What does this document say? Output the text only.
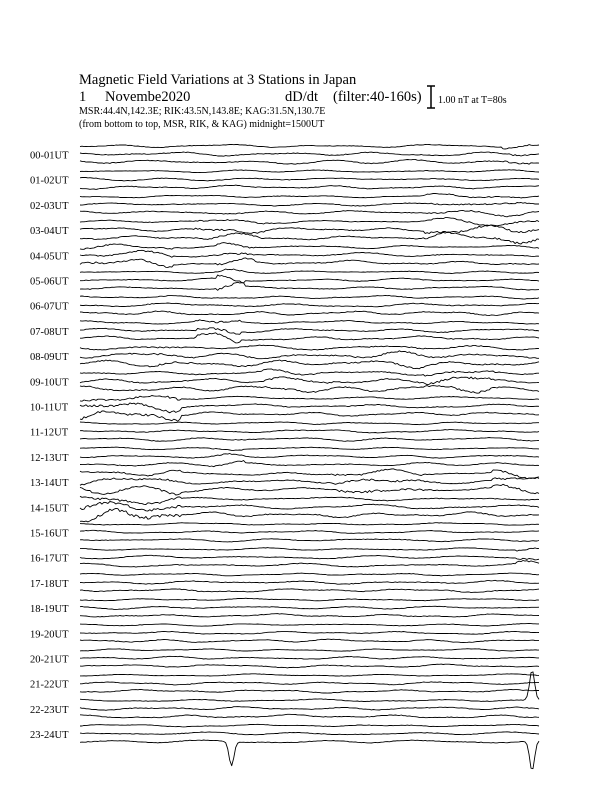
Magnetic Field Variations at 3 Stations in Japan
1 Novembe2020	dD/dt (filter:40-160s)
MSR:44.4N,142.3E; RIK:43.5N,143.8E; KAG:31.5N,130.7E
(from bottom to top, MSR, RIK, & KAG) midnight=1500UT
1.00 nT at T=80s
00-01UT
01-02UT
02-03UT
03-04UT
04-05UT
05-06UT
06-07UT
07-08UT
08-09UT
09-10UT
10-11UT
11-12UT
12-13UT
13-14UT
14-15UT
15-16UT
16-17UT
17-18UT
18-19UT
19-20UT
20-21UT
21-22UT
22-23UT
23-24UT
